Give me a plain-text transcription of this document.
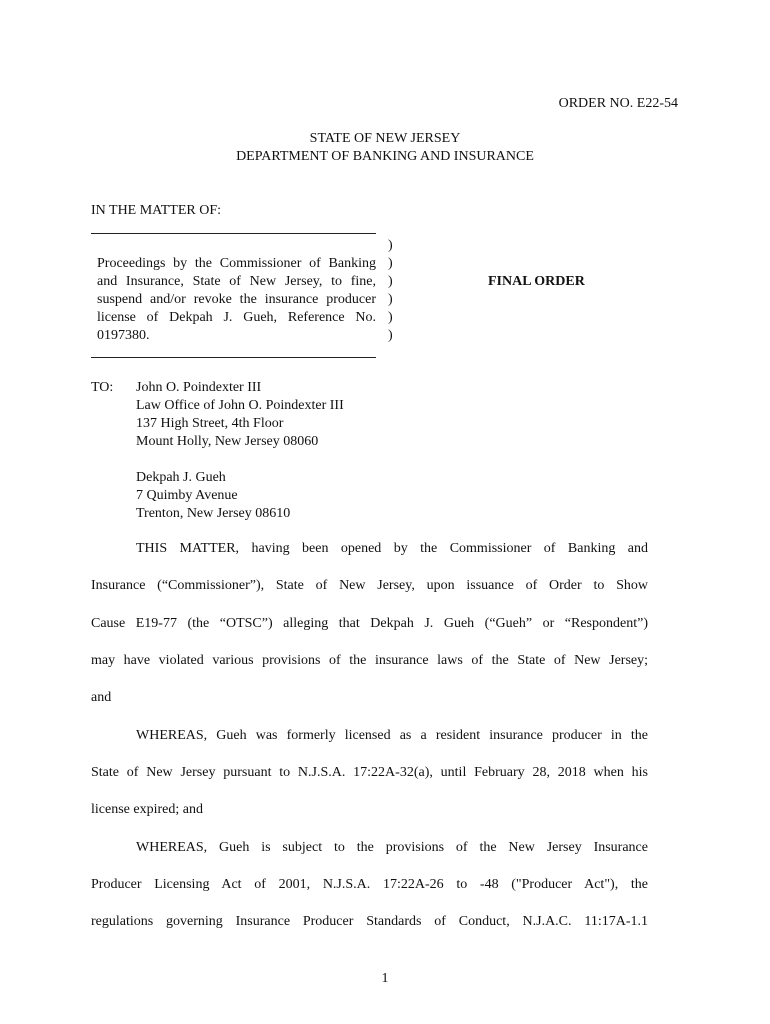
ORDER NO. E22-54
STATE OF NEW JERSEY
DEPARTMENT OF BANKING AND INSURANCE
IN THE MATTER OF:
Proceedings by the Commissioner of Banking
and Insurance, State of New Jersey, to fine,
suspend and/or revoke the insurance producer
license of Dekpah J. Gueh, Reference No.
0197380.
)
)
)
)
)
)
FINAL ORDER
TO: John O. Poindexter III
Law Office of John O. Poindexter III
137 High Street, 4th Floor
Mount Holly, New Jersey 08060
Dekpah J. Gueh
7 Quimby Avenue
Trenton, New Jersey 08610
THIS MATTER, having been opened by the Commissioner of Banking and
Insurance (“Commissioner”), State of New Jersey, upon issuance of Order to Show
Cause E19-77 (the “OTSC”) alleging that Dekpah J. Gueh (“Gueh” or “Respondent”)
may have violated various provisions of the insurance laws of the State of New Jersey;
and
WHEREAS, Gueh was formerly licensed as a resident insurance producer in the
State of New Jersey pursuant to N.J.S.A. 17:22A-32(a), until February 28, 2018 when his
license expired; and
WHEREAS, Gueh is subject to the provisions of the New Jersey Insurance
Producer Licensing Act of 2001, N.J.S.A. 17:22A-26 to -48 ("Producer Act"), the
regulations governing Insurance Producer Standards of Conduct, N.J.A.C. 11:17A-1.1
1
